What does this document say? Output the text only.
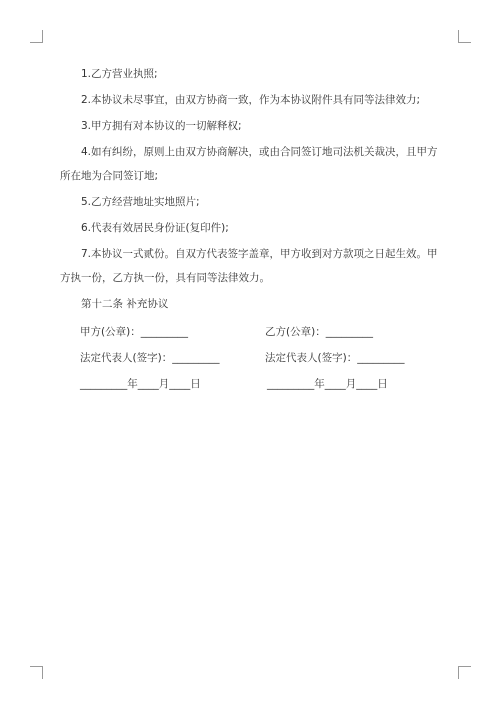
1.乙方营业执照;

2.本协议未尽事宜，由双方协商一致，作为本协议附件具有同等法律效力;

3.甲方拥有对本协议的一切解释权;

4.如有纠纷，原则上由双方协商解决，或由合同签订地司法机关裁决，且甲方所在地为合同签订地;

5.乙方经营地址实地照片;

6.代表有效居民身份证(复印件);

7.本协议一式贰份。自双方代表签字盖章，甲方收到对方款项之日起生效。甲方执一份，乙方执一份，具有同等法律效力。

第十二条 补充协议

甲方(公章)：_________	乙方(公章)：_________
法定代表人(签字)：_________	法定代表人(签字)：_________
_________年____月____日	_________年____月____日
